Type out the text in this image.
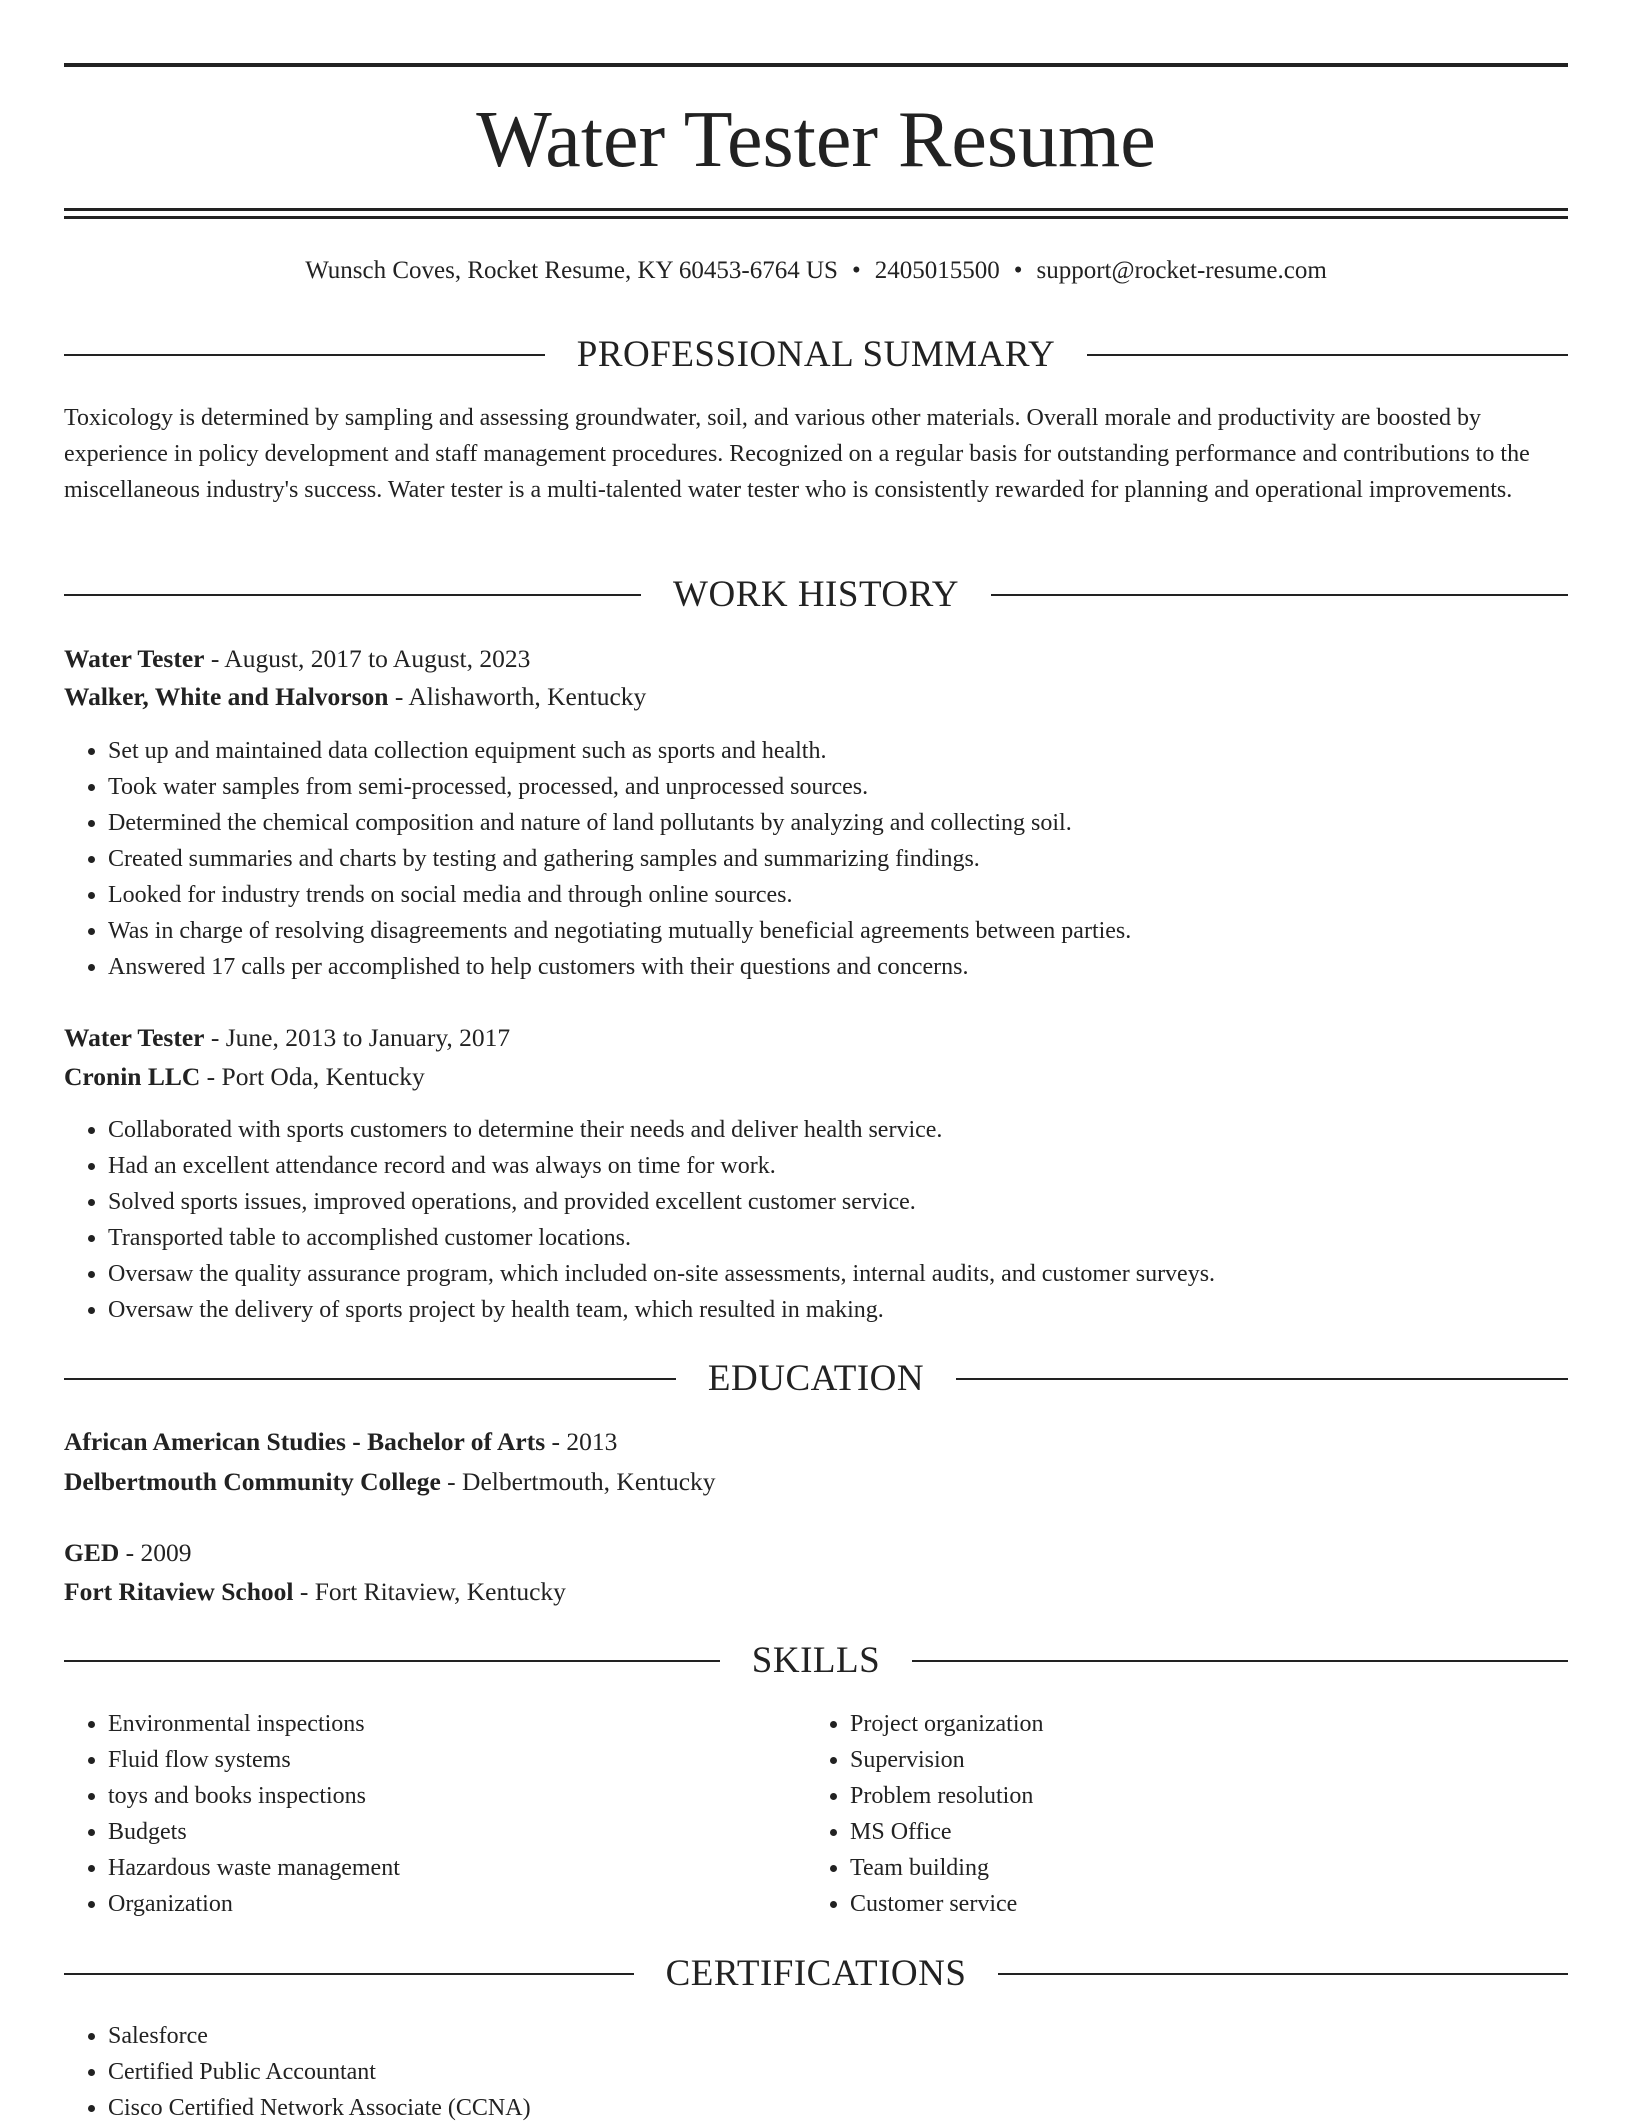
Water Tester Resume
Wunsch Coves, Rocket Resume, KY 60453-6764 US • 2405015500 • support@rocket-resume.com
PROFESSIONAL SUMMARY
Toxicology is determined by sampling and assessing groundwater, soil, and various other materials. Overall morale and productivity are boosted by experience in policy development and staff management procedures. Recognized on a regular basis for outstanding performance and contributions to the miscellaneous industry's success. Water tester is a multi-talented water tester who is consistently rewarded for planning and operational improvements.
WORK HISTORY
Water Tester - August, 2017 to August, 2023
Walker, White and Halvorson - Alishaworth, Kentucky
• Set up and maintained data collection equipment such as sports and health.
• Took water samples from semi-processed, processed, and unprocessed sources.
• Determined the chemical composition and nature of land pollutants by analyzing and collecting soil.
• Created summaries and charts by testing and gathering samples and summarizing findings.
• Looked for industry trends on social media and through online sources.
• Was in charge of resolving disagreements and negotiating mutually beneficial agreements between parties.
• Answered 17 calls per accomplished to help customers with their questions and concerns.
Water Tester - June, 2013 to January, 2017
Cronin LLC - Port Oda, Kentucky
• Collaborated with sports customers to determine their needs and deliver health service.
• Had an excellent attendance record and was always on time for work.
• Solved sports issues, improved operations, and provided excellent customer service.
• Transported table to accomplished customer locations.
• Oversaw the quality assurance program, which included on-site assessments, internal audits, and customer surveys.
• Oversaw the delivery of sports project by health team, which resulted in making.
EDUCATION
African American Studies - Bachelor of Arts - 2013
Delbertmouth Community College - Delbertmouth, Kentucky
GED - 2009
Fort Ritaview School - Fort Ritaview, Kentucky
SKILLS
• Environmental inspections
• Fluid flow systems
• toys and books inspections
• Budgets
• Hazardous waste management
• Organization
• Project organization
• Supervision
• Problem resolution
• MS Office
• Team building
• Customer service
CERTIFICATIONS
• Salesforce
• Certified Public Accountant
• Cisco Certified Network Associate (CCNA)
